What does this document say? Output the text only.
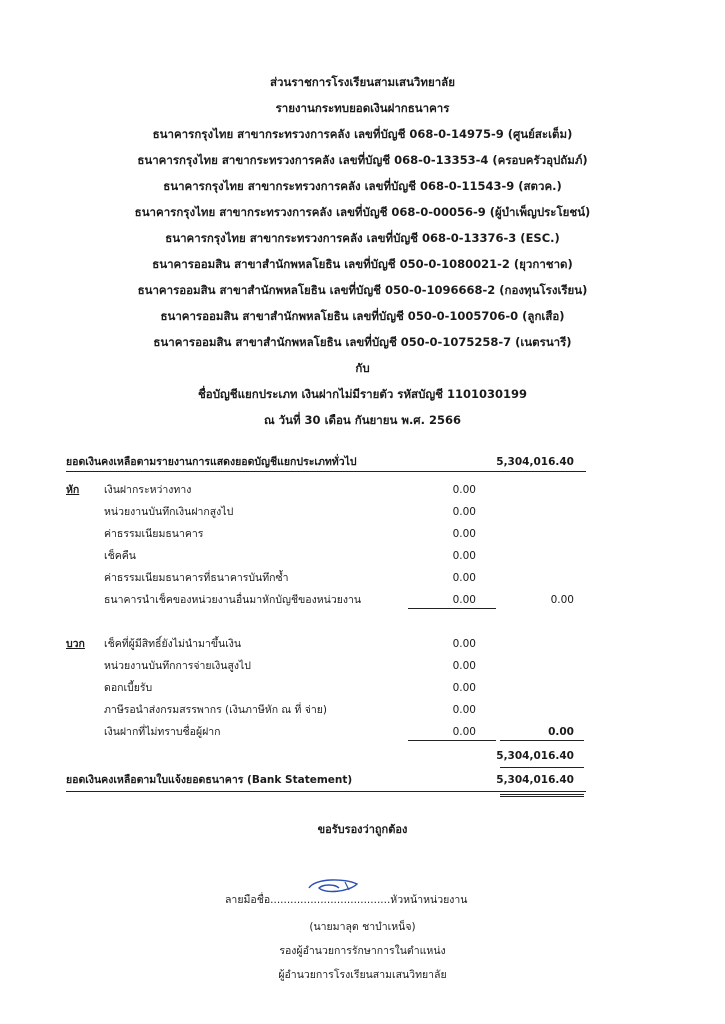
ส่วนราชการโรงเรียนสามเสนวิทยาลัย
รายงานกระทบยอดเงินฝากธนาคาร
ธนาคารกรุงไทย สาขากระทรวงการคลัง เลขที่บัญชี 068-0-14975-9 (ศูนย์สะเต็ม)
ธนาคารกรุงไทย สาขากระทรวงการคลัง เลขที่บัญชี 068-0-13353-4 (ครอบครัวอุปถัมภ์)
ธนาคารกรุงไทย สาขากระทรวงการคลัง เลขที่บัญชี 068-0-11543-9 (สตวค.)
ธนาคารกรุงไทย สาขากระทรวงการคลัง เลขที่บัญชี 068-0-00056-9 (ผู้บำเพ็ญประโยชน์)
ธนาคารกรุงไทย สาขากระทรวงการคลัง เลขที่บัญชี 068-0-13376-3 (ESC.)
ธนาคารออมสิน สาขาสำนักพหลโยธิน เลขที่บัญชี 050-0-1080021-2 (ยุวกาชาด)
ธนาคารออมสิน สาขาสำนักพหลโยธิน เลขที่บัญชี 050-0-1096668-2 (กองทุนโรงเรียน)
ธนาคารออมสิน สาขาสำนักพหลโยธิน เลขที่บัญชี 050-0-1005706-0 (ลูกเสือ)
ธนาคารออมสิน สาขาสำนักพหลโยธิน เลขที่บัญชี 050-0-1075258-7 (เนตรนารี)
กับ
ชื่อบัญชีแยกประเภท เงินฝากไม่มีรายตัว รหัสบัญชี 1101030199
ณ วันที่ 30 เดือน กันยายน พ.ศ. 2566
ยอดเงินคงเหลือตามรายงานการแสดงยอดบัญชีแยกประเภททั่วไป	5,304,016.40
หัก เงินฝากระหว่างทาง	0.00
หน่วยงานบันทึกเงินฝากสูงไป	0.00
ค่าธรรมเนียมธนาคาร	0.00
เช็คคืน	0.00
ค่าธรรมเนียมธนาคารที่ธนาคารบันทึกซ้ำ	0.00
ธนาคารนำเช็คของหน่วยงานอื่นมาหักบัญชีของหน่วยงาน	0.00	0.00
บวก เช็คที่ผู้มีสิทธิ์ยังไม่นำมาขึ้นเงิน	0.00
หน่วยงานบันทึกการจ่ายเงินสูงไป	0.00
ดอกเบี้ยรับ	0.00
ภาษีรอนำส่งกรมสรรพากร (เงินภาษีหัก ณ ที่ จ่าย)	0.00
เงินฝากที่ไม่ทราบชื่อผู้ฝาก	0.00	0.00
5,304,016.40
ยอดเงินคงเหลือตามใบแจ้งยอดธนาคาร (Bank Statement)	5,304,016.40
ขอรับรองว่าถูกต้อง
ลายมือชื่อ....................................หัวหน้าหน่วยงาน
(นายมาลุต ชาบำเหน็จ)
รองผู้อำนวยการรักษาการในตำแหน่ง
ผู้อำนวยการโรงเรียนสามเสนวิทยาลัย
